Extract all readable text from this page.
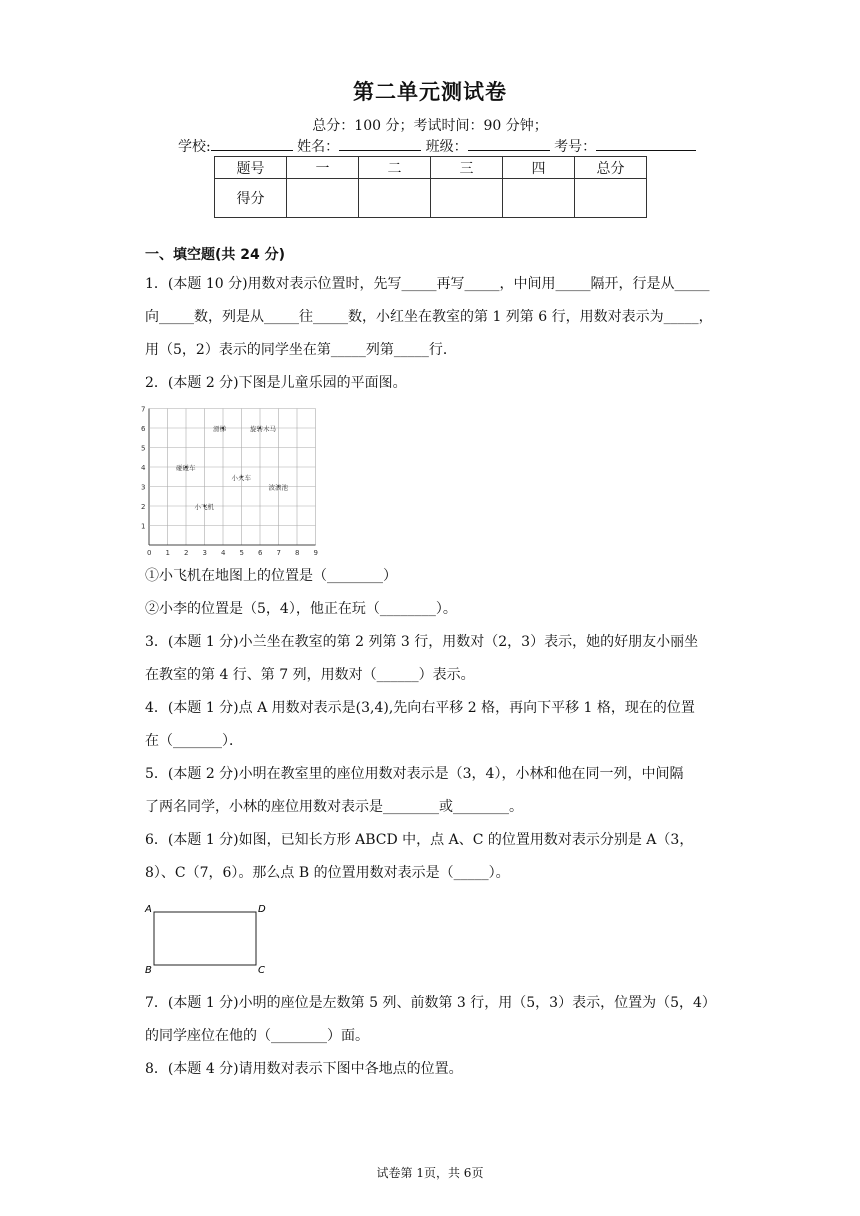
第二单元测试卷
总分：100 分；考试时间：90 分钟；
学校:	姓名：	班级：	考号：
题号	一	二	三	四	总分
得分					
一、填空题(共 24 分)
1．(本题 10 分)用数对表示位置时，先写_____再写_____，中间用_____隔开，行是从_____
向_____数，列是从_____往_____数，小红坐在教室的第 1 列第 6 行，用数对表示为_____，
用（5，2）表示的同学坐在第_____列第_____行．
2．(本题 2 分)下图是儿童乐园的平面图。
0 1 2 3 4 5 6 7 8 9
1
2
3
4
5
6
7
滑梯	旋转木马
碰碰车
小火车
波浪池
小飞机
①小飞机在地图上的位置是（________）
②小李的位置是（5，4），他正在玩（________）。
3．(本题 1 分)小兰坐在教室的第 2 列第 3 行，用数对（2，3）表示，她的好朋友小丽坐
在教室的第 4 行、第 7 列，用数对（______）表示。
4．(本题 1 分)点 A 用数对表示是(3,4),先向右平移 2 格，再向下平移 1 格，现在的位置
在（_______）．
5．(本题 2 分)小明在教室里的座位用数对表示是（3，4），小林和他在同一列，中间隔
了两名同学，小林的座位用数对表示是________或________。
6．(本题 1 分)如图，已知长方形 ABCD 中，点 A、C 的位置用数对表示分别是 A（3，
8）、C（7，6）。那么点 B 的位置用数对表示是（_____）。
A	D
B	C
7．(本题 1 分)小明的座位是左数第 5 列、前数第 3 行，用（5，3）表示，位置为（5，4）
的同学座位在他的（________）面。
8．(本题 4 分)请用数对表示下图中各地点的位置。
试卷第 1页，共 6页
